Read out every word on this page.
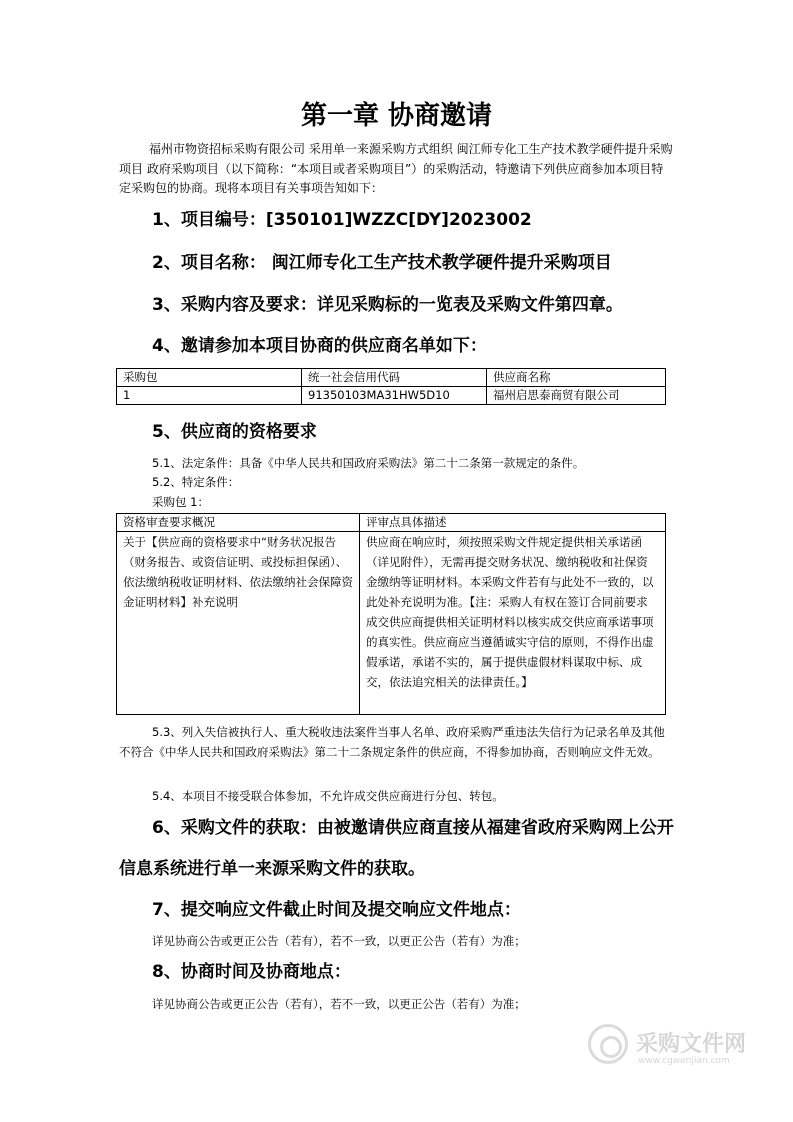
第一章 协商邀请
福州市物资招标采购有限公司 采用单一来源采购方式组织 闽江师专化工生产技术教学硬件提升采购项目 政府采购项目（以下简称：“本项目或者采购项目”）的采购活动，特邀请下列供应商参加本项目特定采购包的协商。现将本项目有关事项告知如下：
1、项目编号：[350101]WZZC[DY]2023002
2、项目名称： 闽江师专化工生产技术教学硬件提升采购项目
3、采购内容及要求：详见采购标的一览表及采购文件第四章。
4、邀请参加本项目协商的供应商名单如下：
采购包	统一社会信用代码	供应商名称
1	91350103MA31HW5D10	福州启思泰商贸有限公司
5、供应商的资格要求
5.1、法定条件：具备《中华人民共和国政府采购法》第二十二条第一款规定的条件。
5.2、特定条件：
采购包 1：
资格审查要求概况	评审点具体描述
关于【供应商的资格要求中“财务状况报告（财务报告、或资信证明、或投标担保函）、依法缴纳税收证明材料、依法缴纳社会保障资金证明材料】补充说明	供应商在响应时，须按照采购文件规定提供相关承诺函（详见附件），无需再提交财务状况、缴纳税收和社保资金缴纳等证明材料。本采购文件若有与此处不一致的，以此处补充说明为准。【注：采购人有权在签订合同前要求成交供应商提供相关证明材料以核实成交供应商承诺事项的真实性。供应商应当遵循诚实守信的原则，不得作出虚假承诺，承诺不实的，属于提供虚假材料谋取中标、成交，依法追究相关的法律责任。】
5.3、列入失信被执行人、重大税收违法案件当事人名单、政府采购严重违法失信行为记录名单及其他不符合《中华人民共和国政府采购法》第二十二条规定条件的供应商，不得参加协商，否则响应文件无效。
5.4、本项目不接受联合体参加，不允许成交供应商进行分包、转包。
6、采购文件的获取：由被邀请供应商直接从福建省政府采购网上公开信息系统进行单一来源采购文件的获取。
7、提交响应文件截止时间及提交响应文件地点：
详见协商公告或更正公告（若有），若不一致，以更正公告（若有）为准；
8、协商时间及协商地点：
详见协商公告或更正公告（若有），若不一致，以更正公告（若有）为准；
采购文件网
www.cgwenjian.com
